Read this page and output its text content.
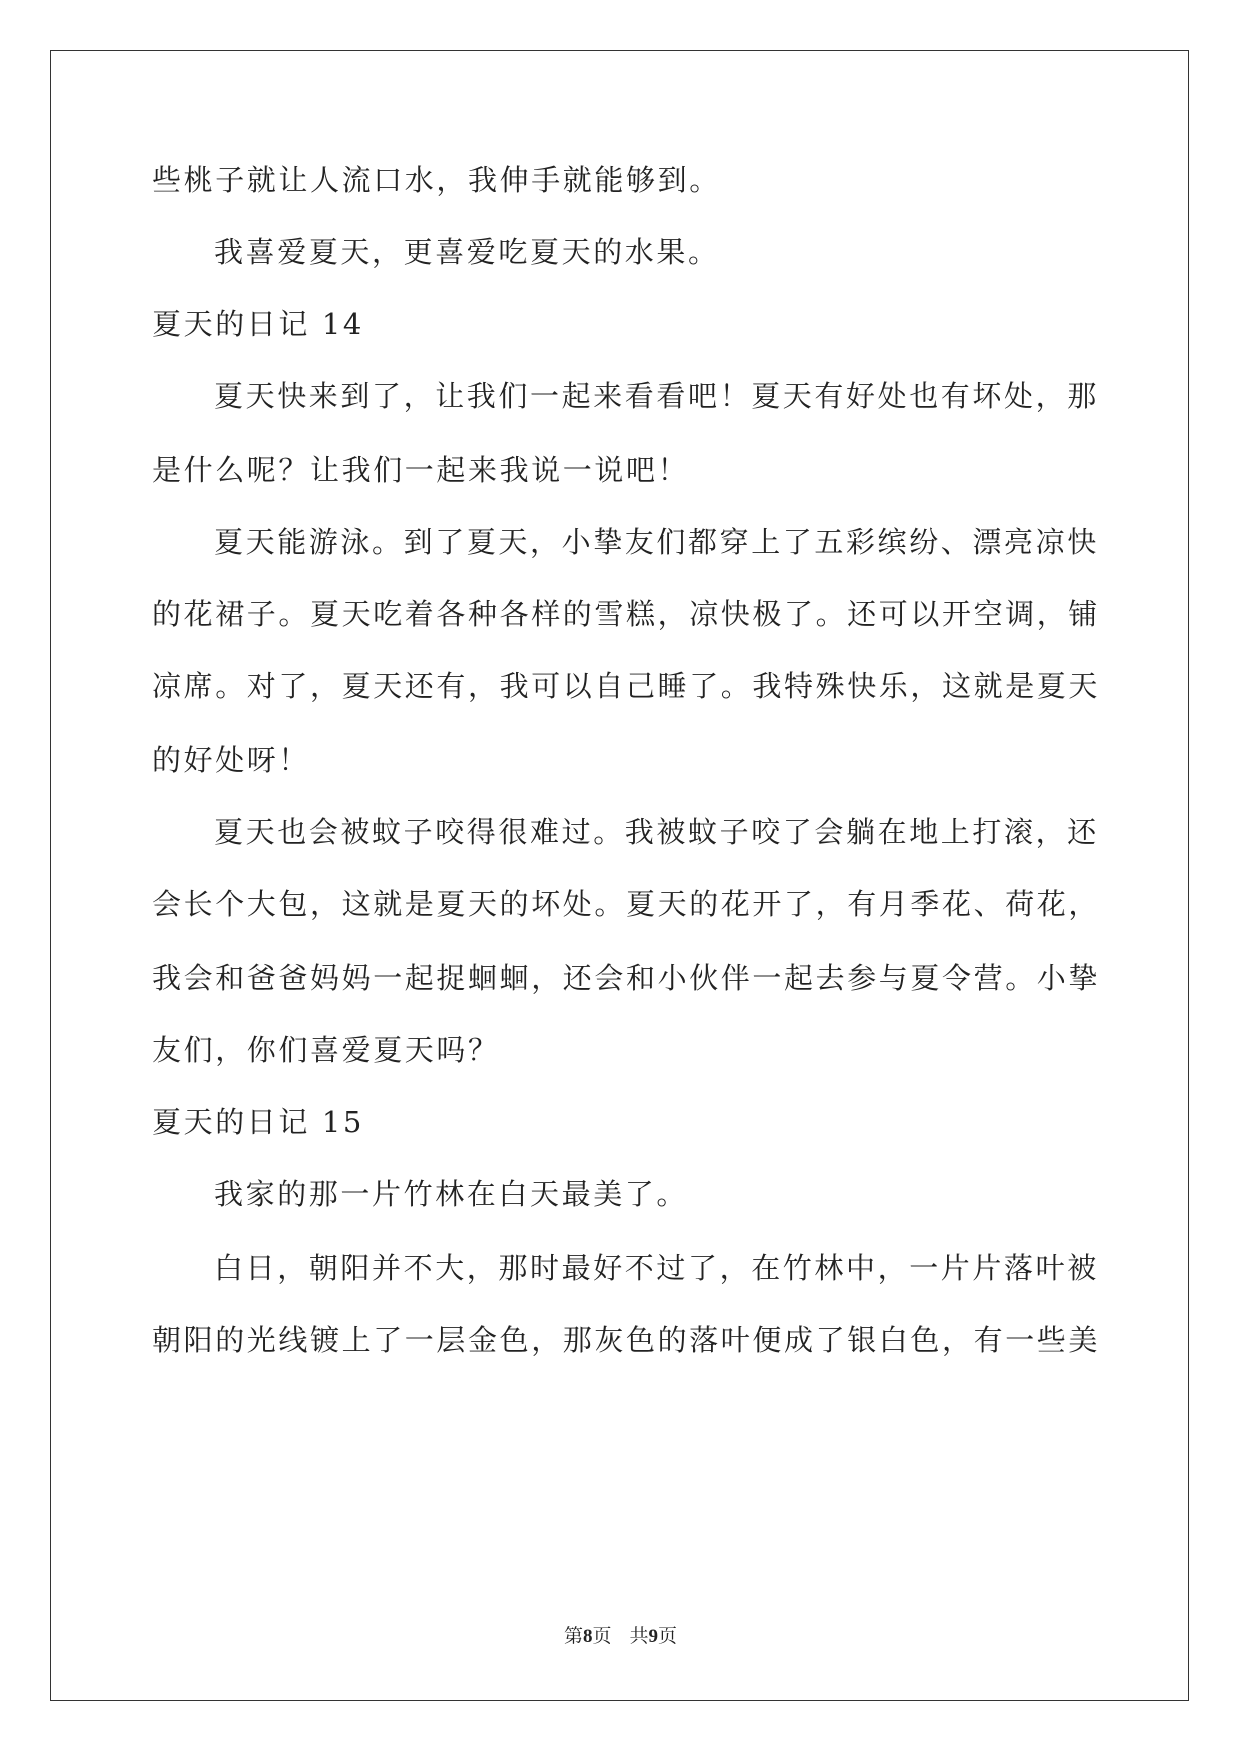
些桃子就让人流口水，我伸手就能够到。
我喜爱夏天，更喜爱吃夏天的水果。
夏天的日记 14
夏天快来到了，让我们一起来看看吧！夏天有好处也有坏处，那
是什么呢？让我们一起来我说一说吧！
夏天能游泳。到了夏天，小挚友们都穿上了五彩缤纷、漂亮凉快
的花裙子。夏天吃着各种各样的雪糕，凉快极了。还可以开空调，铺
凉席。对了，夏天还有，我可以自己睡了。我特殊快乐，这就是夏天
的好处呀！
夏天也会被蚊子咬得很难过。我被蚊子咬了会躺在地上打滚，还
会长个大包，这就是夏天的坏处。夏天的花开了，有月季花、荷花，
我会和爸爸妈妈一起捉蛔蛔，还会和小伙伴一起去参与夏令营。小挚
友们，你们喜爱夏天吗？
夏天的日记 15
我家的那一片竹林在白天最美了。
白日，朝阳并不大，那时最好不过了，在竹林中，一片片落叶被
朝阳的光线镀上了一层金色，那灰色的落叶便成了银白色，有一些美
第8页 共9页
